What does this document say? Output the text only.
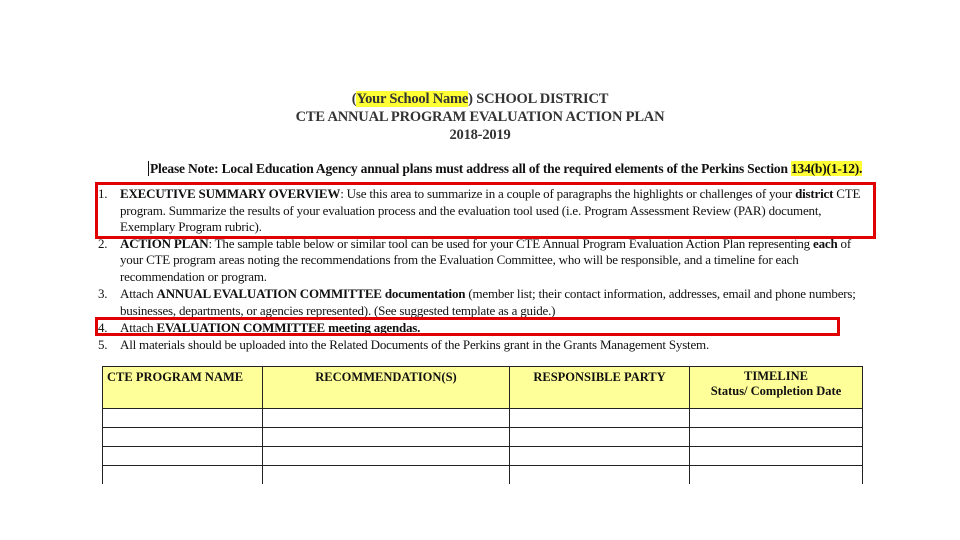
(Your School Name) SCHOOL DISTRICT
CTE ANNUAL PROGRAM EVALUATION ACTION PLAN
2018-2019
Please Note: Local Education Agency annual plans must address all of the required elements of the Perkins Section 134(b)(1-12).
1. EXECUTIVE SUMMARY OVERVIEW: Use this area to summarize in a couple of paragraphs the highlights or challenges of your district CTE program. Summarize the results of your evaluation process and the evaluation tool used (i.e. Program Assessment Review (PAR) document, Exemplary Program rubric).
2. ACTION PLAN: The sample table below or similar tool can be used for your CTE Annual Program Evaluation Action Plan representing each of your CTE program areas noting the recommendations from the Evaluation Committee, who will be responsible, and a timeline for each recommendation or program.
3. Attach ANNUAL EVALUATION COMMITTEE documentation (member list; their contact information, addresses, email and phone numbers; businesses, departments, or agencies represented). (See suggested template as a guide.)
4. Attach EVALUATION COMMITTEE meeting agendas.
5. All materials should be uploaded into the Related Documents of the Perkins grant in the Grants Management System.
CTE PROGRAM NAME	RECOMMENDATION(S)	RESPONSIBLE PARTY	TIMELINE
Status/ Completion Date
